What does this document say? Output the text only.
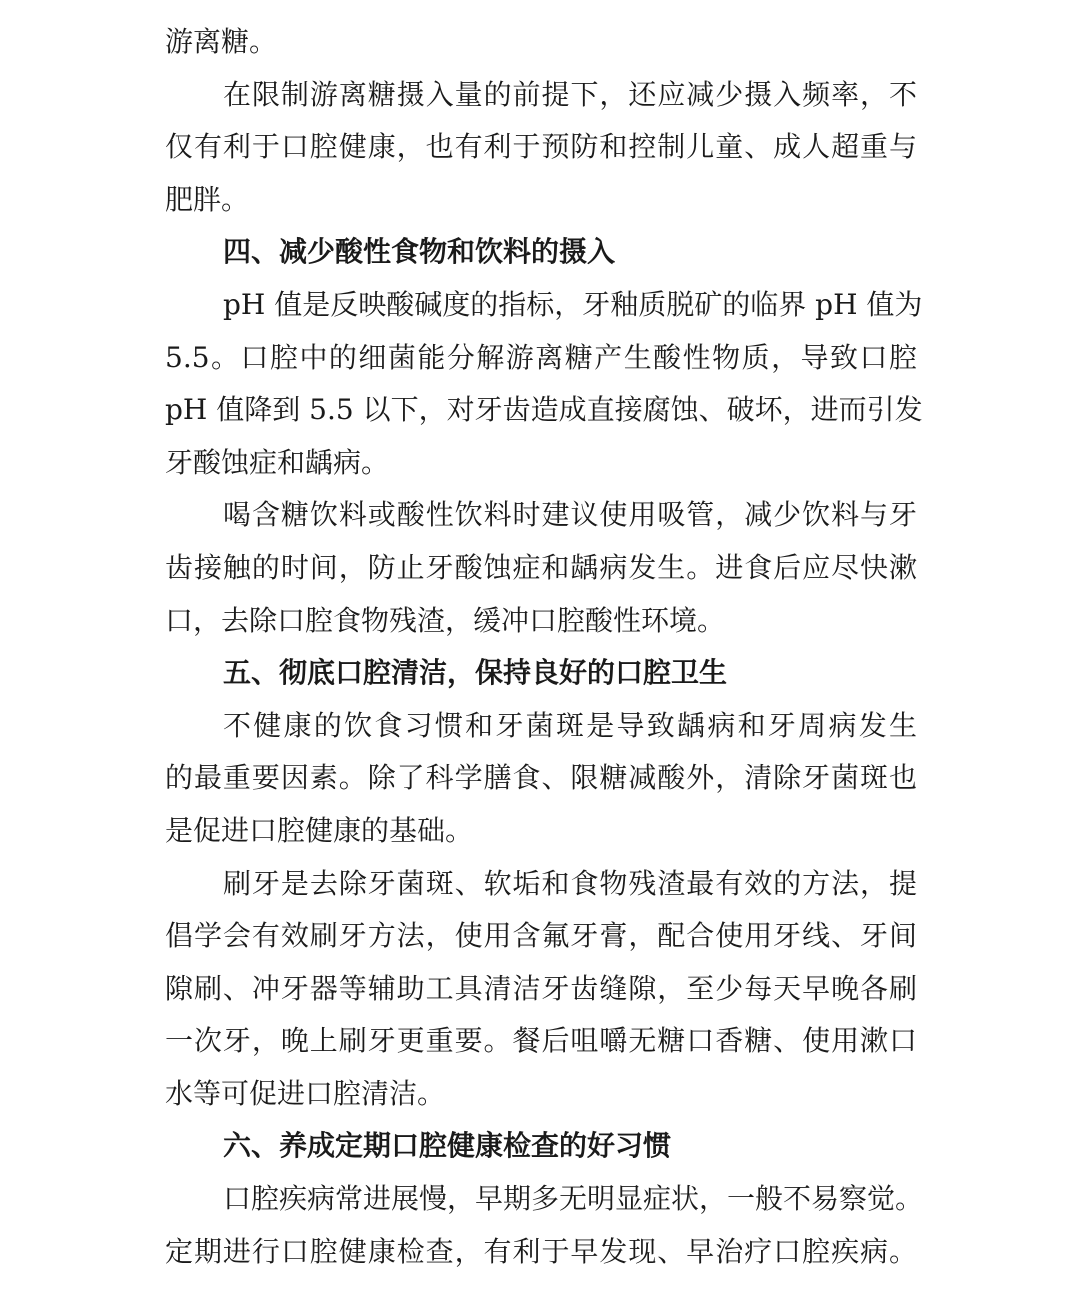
游离糖。
在限制游离糖摄入量的前提下，还应减少摄入频率，不
仅有利于口腔健康，也有利于预防和控制儿童、成人超重与
肥胖。
四、减少酸性食物和饮料的摄入
pH 值是反映酸碱度的指标，牙釉质脱矿的临界 pH 值为
5.5。口腔中的细菌能分解游离糖产生酸性物质，导致口腔
pH 值降到 5.5 以下，对牙齿造成直接腐蚀、破坏，进而引发
牙酸蚀症和龋病。
喝含糖饮料或酸性饮料时建议使用吸管，减少饮料与牙
齿接触的时间，防止牙酸蚀症和龋病发生。进食后应尽快漱
口，去除口腔食物残渣，缓冲口腔酸性环境。
五、彻底口腔清洁，保持良好的口腔卫生
不健康的饮食习惯和牙菌斑是导致龋病和牙周病发生
的最重要因素。除了科学膳食、限糖减酸外，清除牙菌斑也
是促进口腔健康的基础。
刷牙是去除牙菌斑、软垢和食物残渣最有效的方法，提
倡学会有效刷牙方法，使用含氟牙膏，配合使用牙线、牙间
隙刷、冲牙器等辅助工具清洁牙齿缝隙，至少每天早晚各刷
一次牙，晚上刷牙更重要。餐后咀嚼无糖口香糖、使用漱口
水等可促进口腔清洁。
六、养成定期口腔健康检查的好习惯
口腔疾病常进展慢，早期多无明显症状，一般不易察觉。
定期进行口腔健康检查，有利于早发现、早治疗口腔疾病。
